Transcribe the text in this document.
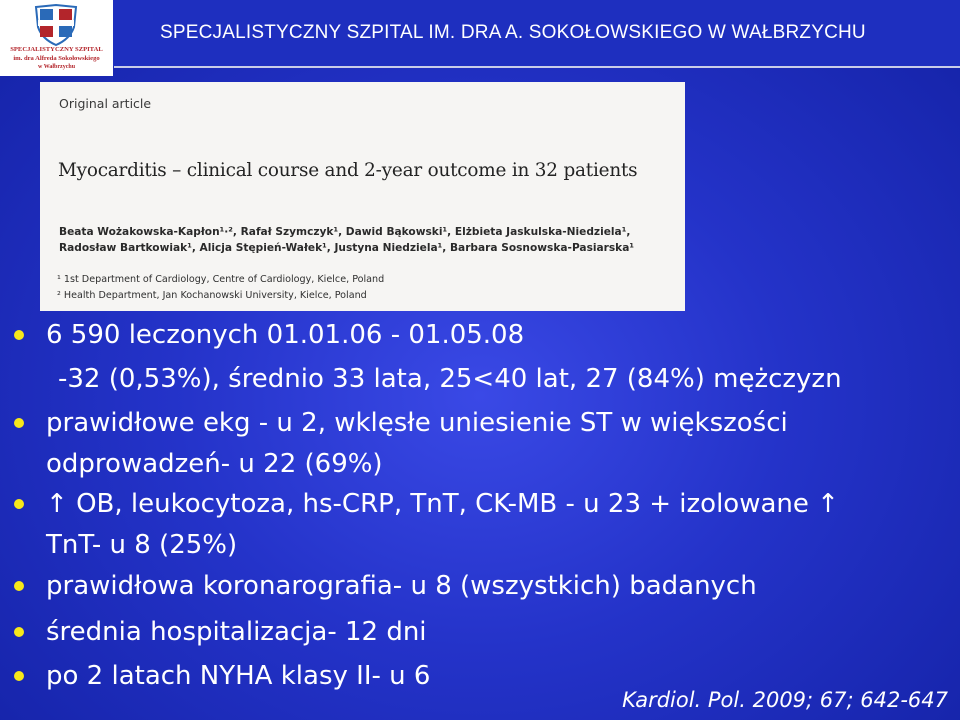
SPECJALISTYCZNY SZPITAL
im. dra Alfreda Sokołowskiego
w Wałbrzychu
SPECJALISTYCZNY SZPITAL IM. DRA A. SOKOŁOWSKIEGO W WAŁBRZYCHU
Original article
Myocarditis – clinical course and 2-year outcome in 32 patients
Beata Wożakowska-Kapłon¹·², Rafał Szymczyk¹, Dawid Bąkowski¹, Elżbieta Jaskulska-Niedziela¹,
Radosław Bartkowiak¹, Alicja Stępień-Wałek¹, Justyna Niedziela¹, Barbara Sosnowska-Pasiarska¹
¹ 1st Department of Cardiology, Centre of Cardiology, Kielce, Poland
² Health Department, Jan Kochanowski University, Kielce, Poland
6 590 leczonych 01.01.06 - 01.05.08
-32 (0,53%), średnio 33 lata, 25<40 lat, 27 (84%) mężczyzn
prawidłowe ekg - u 2, wklęsłe uniesienie ST w większości
odprowadzeń- u 22 (69%)
↑ OB, leukocytoza, hs-CRP, TnT, CK-MB - u 23 + izolowane ↑
TnT- u 8 (25%)
prawidłowa koronarografia- u 8 (wszystkich) badanych
średnia hospitalizacja- 12 dni
po 2 latach NYHA klasy II- u 6
Kardiol. Pol. 2009; 67; 642-647
